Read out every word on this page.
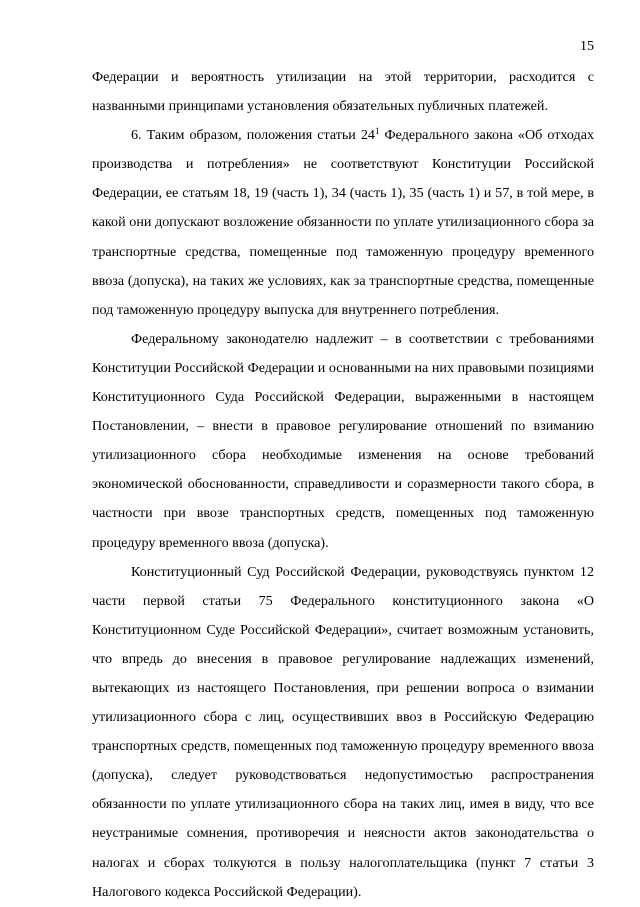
15

Федерации и вероятность утилизации на этой территории, расходится с названными принципами установления обязательных публичных платежей.

6. Таким образом, положения статьи 24$^1$ Федерального закона «Об отходах производства и потребления» не соответствуют Конституции Российской Федерации, ее статьям 18, 19 (часть 1), 34 (часть 1), 35 (часть 1) и 57, в той мере, в какой они допускают возложение обязанности по уплате утилизационного сбора за транспортные средства, помещенные под таможенную процедуру временного ввоза (допуска), на таких же условиях, как за транспортные средства, помещенные под таможенную процедуру выпуска для внутреннего потребления.

Федеральному законодателю надлежит – в соответствии с требованиями Конституции Российской Федерации и основанными на них правовыми позициями Конституционного Суда Российской Федерации, выраженными в настоящем Постановлении, – внести в правовое регулирование отношений по взиманию утилизационного сбора необходимые изменения на основе требований экономической обоснованности, справедливости и соразмерности такого сбора, в частности при ввозе транспортных средств, помещенных под таможенную процедуру временного ввоза (допуска).

Конституционный Суд Российской Федерации, руководствуясь пунктом 12 части первой статьи 75 Федерального конституционного закона «О Конституционном Суде Российской Федерации», считает возможным установить, что впредь до внесения в правовое регулирование надлежащих изменений, вытекающих из настоящего Постановления, при решении вопроса о взимании утилизационного сбора с лиц, осуществивших ввоз в Российскую Федерацию транспортных средств, помещенных под таможенную процедуру временного ввоза (допуска), следует руководствоваться недопустимостью распространения обязанности по уплате утилизационного сбора на таких лиц, имея в виду, что все неустранимые сомнения, противоречия и неясности актов законодательства о налогах и сборах толкуются в пользу налогоплательщика (пункт 7 статьи 3 Налогового кодекса Российской Федерации).
